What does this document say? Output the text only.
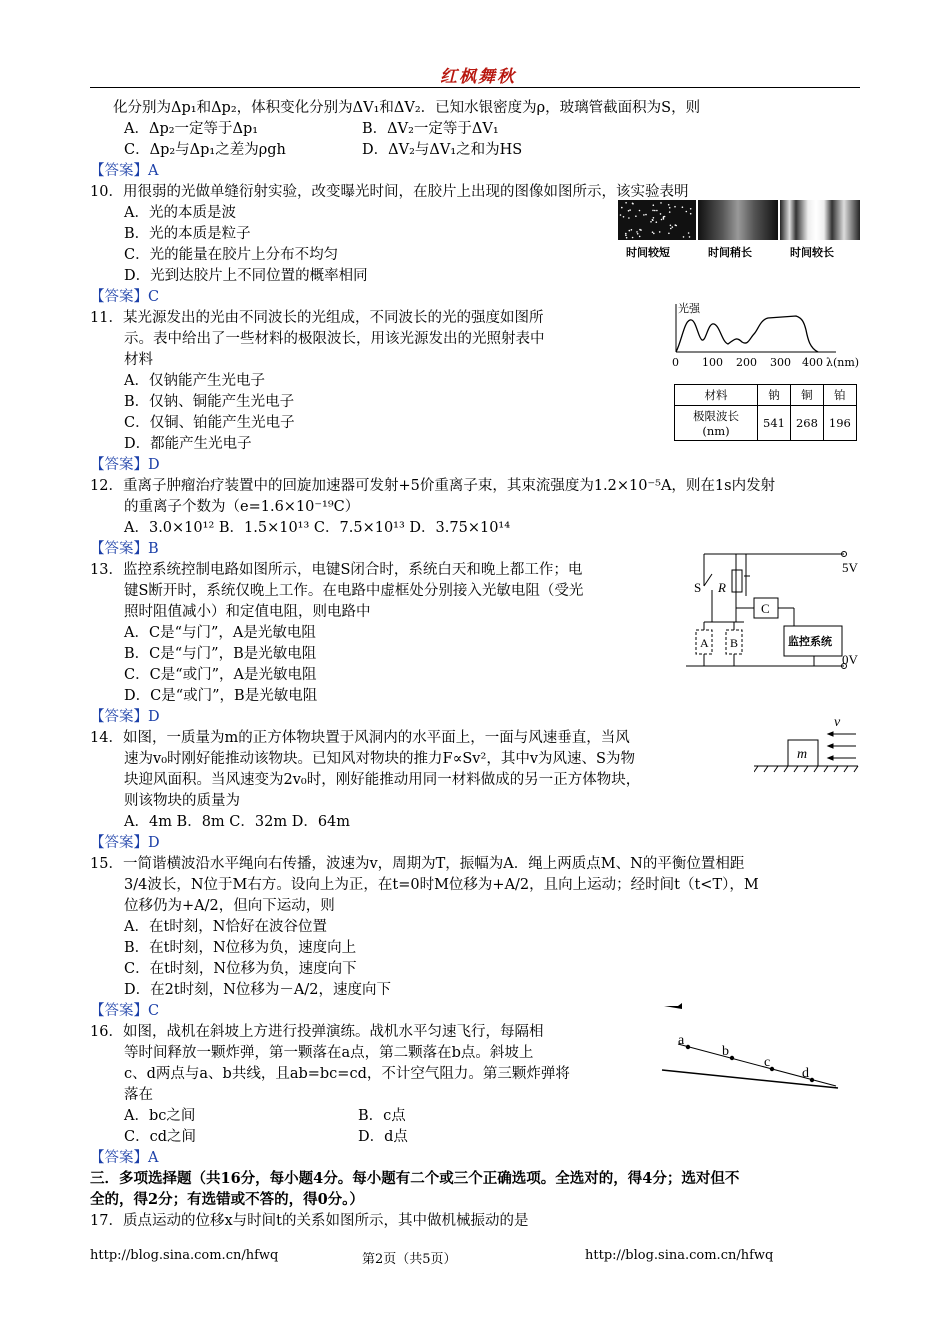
红枫舞秋
化分别为Δp₁和Δp₂，体积变化分别为ΔV₁和ΔV₂．已知水银密度为ρ，玻璃管截面积为S，则
A．Δp₂一定等于Δp₁	B．ΔV₂一定等于ΔV₁
C．Δp₂与Δp₁之差为ρgh	D．ΔV₂与ΔV₁之和为HS
【答案】A
10．用很弱的光做单缝衍射实验，改变曝光时间，在胶片上出现的图像如图所示，该实验表明
A．光的本质是波
B．光的本质是粒子
C．光的能量在胶片上分布不均匀
D．光到达胶片上不同位置的概率相同
【答案】C
11．某光源发出的光由不同波长的光组成，不同波长的光的强度如图所
示。表中给出了一些材料的极限波长，用该光源发出的光照射表中
材料
A．仅钠能产生光电子
B．仅钠、铜能产生光电子
C．仅铜、铂能产生光电子
D．都能产生光电子
【答案】D
12．重离子肿瘤治疗装置中的回旋加速器可发射+5价重离子束，其束流强度为1.2×10⁻⁵A，则在1s内发射
的重离子个数为（e=1.6×10⁻¹⁹C）
A．3.0×10¹² B．1.5×10¹³ C．7.5×10¹³ D．3.75×10¹⁴
【答案】B
13．监控系统控制电路如图所示，电键S闭合时，系统白天和晚上都工作；电
键S断开时，系统仅晚上工作。在电路中虚框处分别接入光敏电阻（受光
照时阻值减小）和定值电阻，则电路中
A．C是“与门”，A是光敏电阻
B．C是“与门”，B是光敏电阻
C．C是“或门”，A是光敏电阻
D．C是“或门”，B是光敏电阻
【答案】D
14．如图，一质量为m的正方体物块置于风洞内的水平面上，一面与风速垂直，当风
速为v₀时刚好能推动该物块。已知风对物块的推力F∝Sv²，其中v为风速、S为物
块迎风面积。当风速变为2v₀时，刚好能推动用同一材料做成的另一正方体物块，
则该物块的质量为
A．4m B．8m C．32m D．64m
【答案】D
15．一简谐横波沿水平绳向右传播，波速为v，周期为T，振幅为A．绳上两质点M、N的平衡位置相距
3/4波长，N位于M右方。设向上为正，在t=0时M位移为+A/2，且向上运动；经时间t（t<T），M
位移仍为+A/2，但向下运动，则
A．在t时刻，N恰好在波谷位置
B．在t时刻，N位移为负，速度向上
C．在t时刻，N位移为负，速度向下
D．在2t时刻，N位移为－A/2，速度向下
【答案】C
16．如图，战机在斜坡上方进行投弹演练。战机水平匀速飞行，每隔相
等时间释放一颗炸弹，第一颗落在a点，第二颗落在b点。斜坡上
c、d两点与a、b共线，且ab=bc=cd，不计空气阻力。第三颗炸弹将
落在
A．bc之间	B．c点
C．cd之间	D．d点
【答案】A
三．多项选择题（共16分，每小题4分。每小题有二个或三个正确选项。全选对的，得4分；选对但不
全的，得2分；有选错或不答的，得0分。）
17．质点运动的位移x与时间t的关系如图所示，其中做机械振动的是
时间较短	时间稍长	时间较长
光强
0 100 200 300 400 λ(nm)
材料	钠	铜	铂
极限波长(nm)	541	268	196
S R
C
A B
5V
0V
监控系统
v
m
a
b
c
d
http://blog.sina.com.cn/hfwq	第2页（共5页）	http://blog.sina.com.cn/hfwq
